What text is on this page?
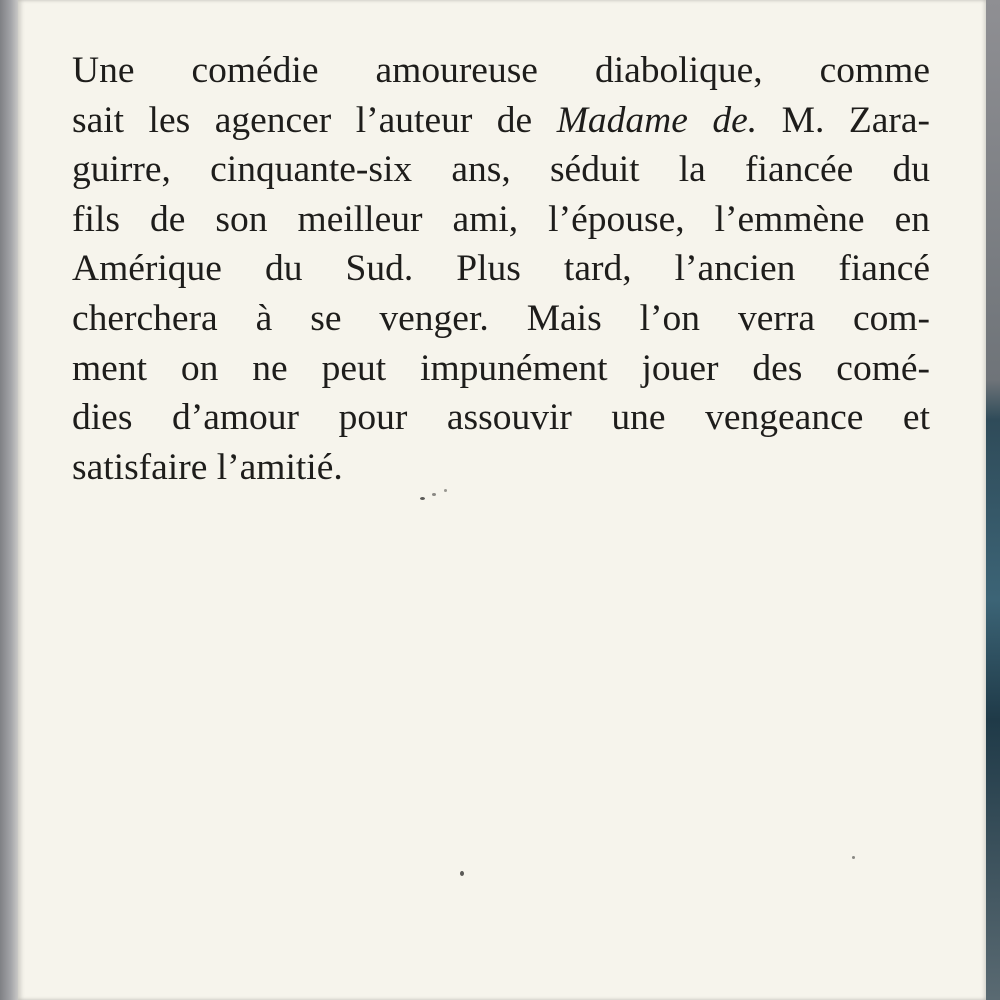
Une comédie amoureuse diabolique, comme
sait les agencer l’auteur de Madame de. M. Zara-
guirre, cinquante-six ans, séduit la fiancée du
fils de son meilleur ami, l’épouse, l’emmène en
Amérique du Sud. Plus tard, l’ancien fiancé
cherchera à se venger. Mais l’on verra com-
ment on ne peut impunément jouer des comé-
dies d’amour pour assouvir une vengeance et
satisfaire l’amitié.
